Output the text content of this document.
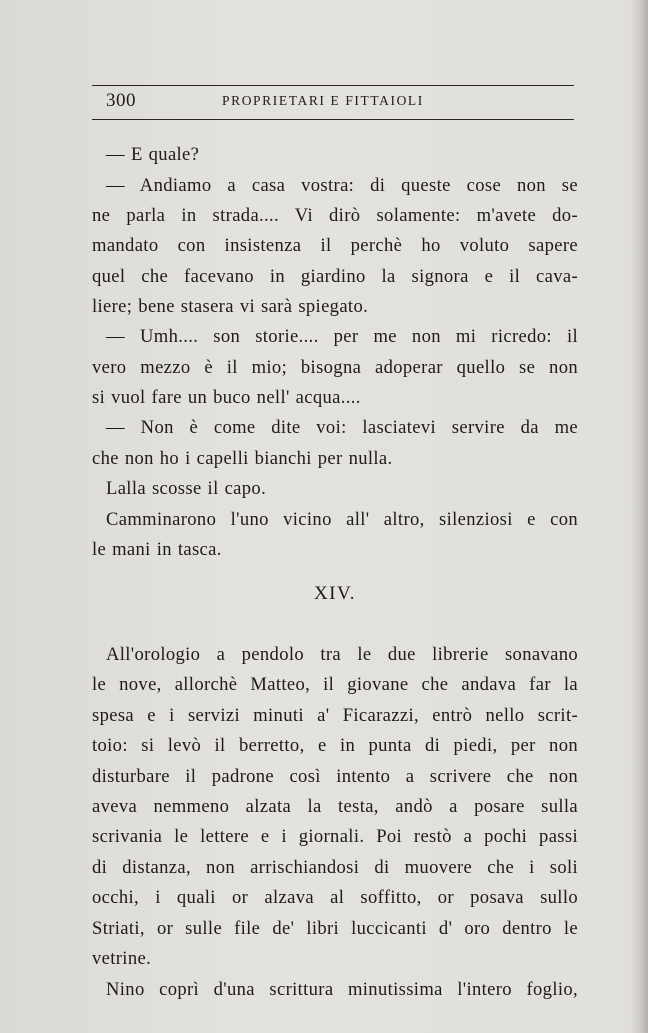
300	PROPRIETARI E FITTAIOLI
— E quale?
— Andiamo a casa vostra: di queste cose non se
ne parla in strada.... Vi dirò solamente: m'avete do-
mandato con insistenza il perchè ho voluto sapere
quel che facevano in giardino la signora e il cava-
liere; bene stasera vi sarà spiegato.
— Umh.... son storie.... per me non mi ricredo: il
vero mezzo è il mio; bisogna adoperar quello se non
si vuol fare un buco nell' acqua....
— Non è come dite voi: lasciatevi servire da me
che non ho i capelli bianchi per nulla.
Lalla scosse il capo.
Camminarono l'uno vicino all' altro, silenziosi e con
le mani in tasca.
XIV.
All'orologio a pendolo tra le due librerie sonavano
le nove, allorchè Matteo, il giovane che andava far la
spesa e i servizi minuti a' Ficarazzi, entrò nello scrit-
toio: si levò il berretto, e in punta di piedi, per non
disturbare il padrone così intento a scrivere che non
aveva nemmeno alzata la testa, andò a posare sulla
scrivania le lettere e i giornali. Poi restò a pochi passi
di distanza, non arrischiandosi di muovere che i soli
occhi, i quali or alzava al soffitto, or posava sullo
Striati, or sulle file de' libri luccicanti d' oro dentro le
vetrine.
Nino coprì d'una scrittura minutissima l'intero foglio,
